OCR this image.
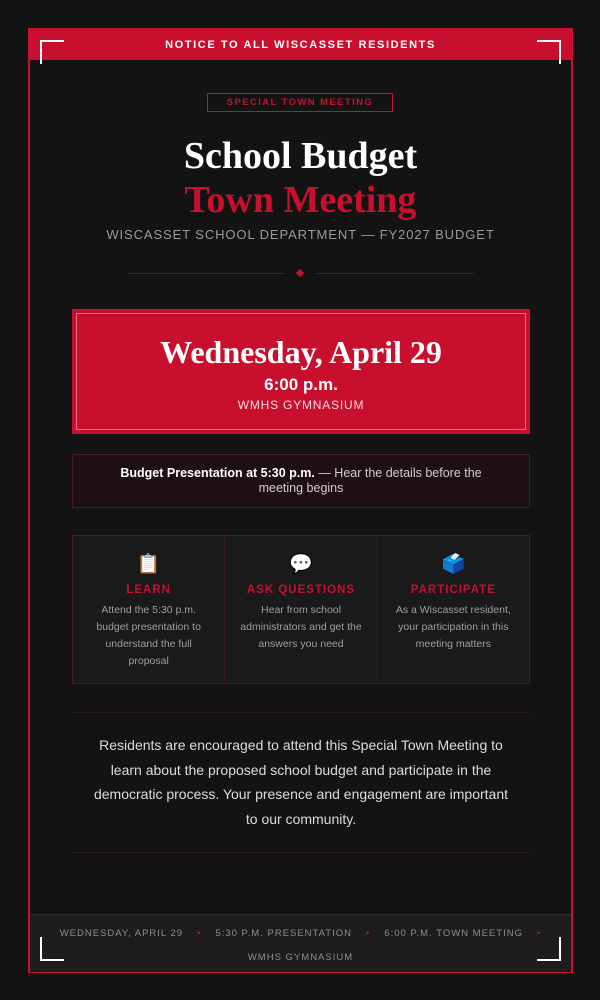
NOTICE TO ALL WISCASSET RESIDENTS
SPECIAL TOWN MEETING
School Budget
Town Meeting
WISCASSET SCHOOL DEPARTMENT — FY2027 BUDGET
Wednesday, April 29
6:00 p.m.
WMHS GYMNASIUM
Budget Presentation at 5:30 p.m. — Hear the details before the meeting begins
📋
LEARN
Attend the 5:30 p.m. budget presentation to understand the full proposal
💬
ASK QUESTIONS
Hear from school administrators and get the answers you need
🗳️
PARTICIPATE
As a Wiscasset resident, your participation in this meeting matters
Residents are encouraged to attend this Special Town Meeting to learn about the proposed school budget and participate in the democratic process. Your presence and engagement are important to our community.
WEDNESDAY, APRIL 29 • 5:30 P.M. PRESENTATION • 6:00 P.M. TOWN MEETING •
WMHS GYMNASIUM
